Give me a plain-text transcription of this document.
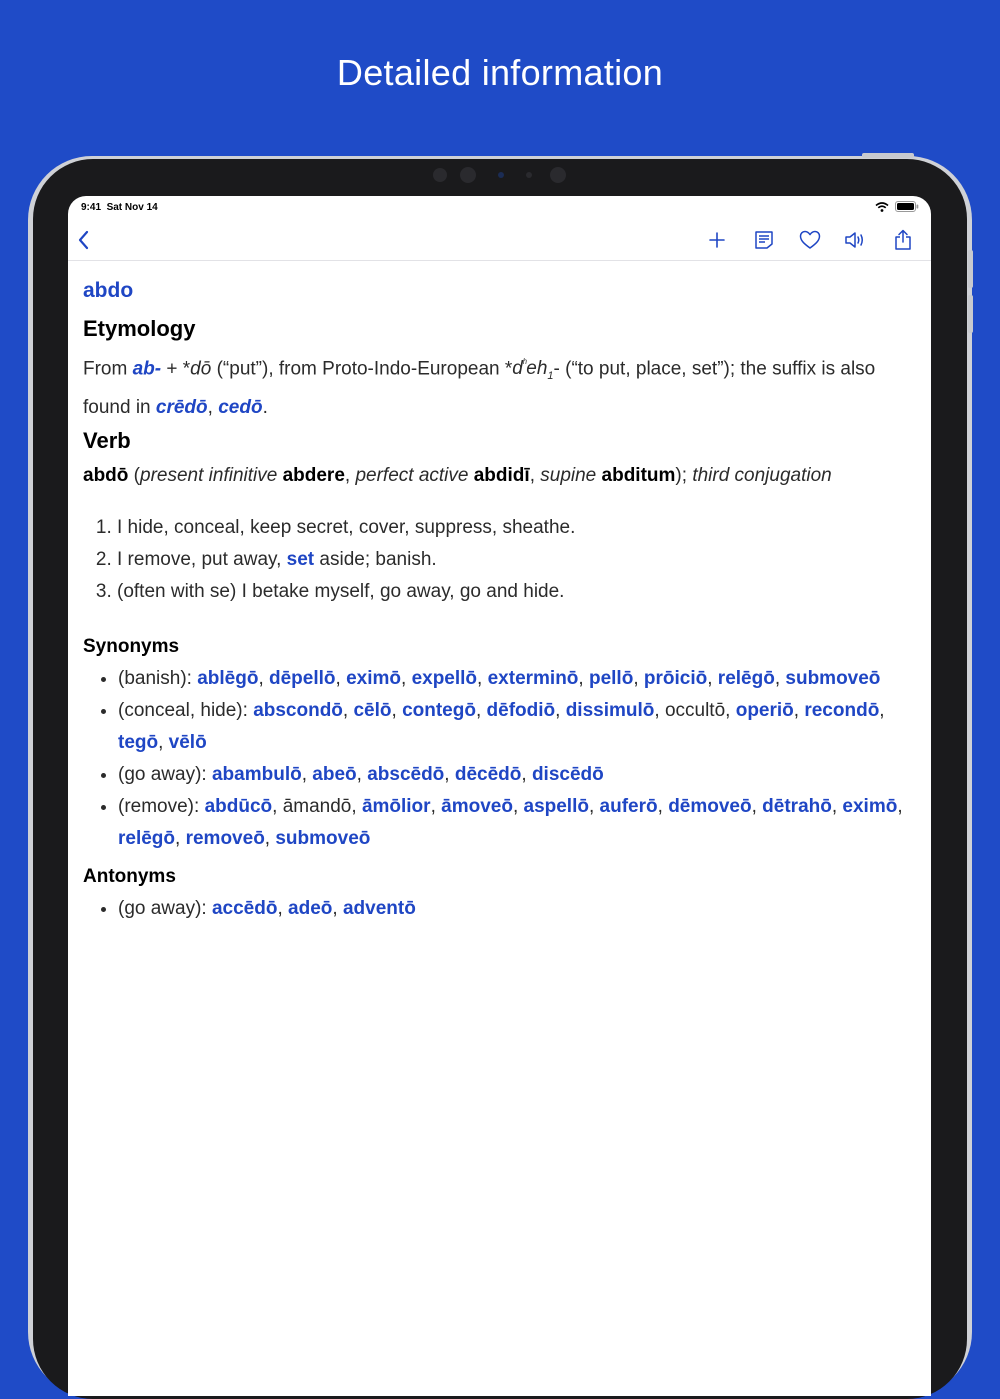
Detailed information
9:41 Sat Nov 14
abdo
Etymology

From ab- + *dō (“put”), from Proto-Indo-European $*d^ʰeh_1-$ (“to put, place, set”); the suffix is also found in crēdō, cedō.

Verb

abdō (present infinitive abdere, perfect active abdidī, supine abditum); third conjugation

1. I hide, conceal, keep secret, cover, suppress, sheathe.
2. I remove, put away, set aside; banish.
3. (often with se) I betake myself, go away, go and hide.
Synonyms
• (banish): ablēgō, dēpellō, eximō, expellō, exterminō, pellō, prōiciō, relēgō, submoveō
• (conceal, hide): abscondō, cēlō, contegō, dēfodiō, dissimulō, occultō, operiō, recondō, tegō, vēlō
• (go away): abambulō, abeō, abscēdō, dēcēdō, discēdō
• (remove): abdūcō, āmandō, āmōlior, āmoveō, aspellō, auferō, dēmoveō, dētrahō, eximō, relēgō, removeō, submoveō
Antonyms
• (go away): accēdō, adeō, adventō
